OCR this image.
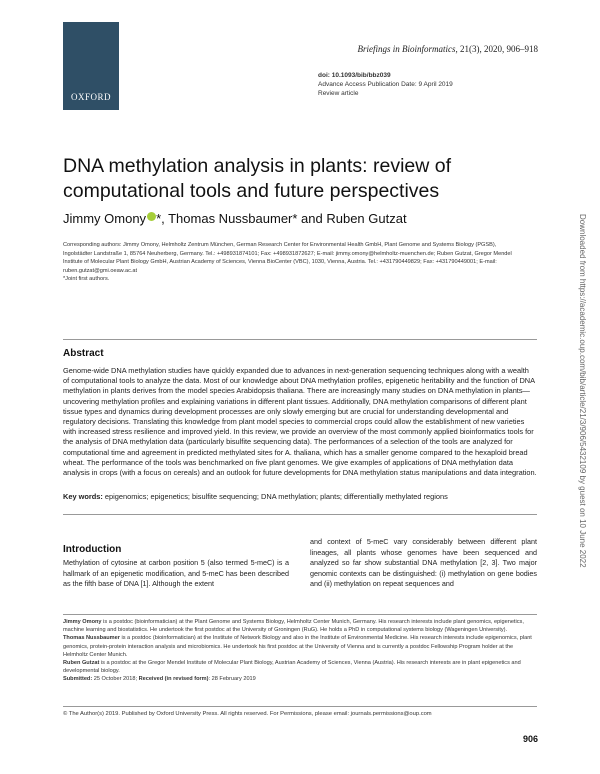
OXFORD
Briefings in Bioinformatics, 21(3), 2020, 906–918
doi: 10.1093/bib/bbz039
Advance Access Publication Date: 9 April 2019
Review article
DNA methylation analysis in plants: review of computational tools and future perspectives
Jimmy Omony *, Thomas Nussbaumer* and Ruben Gutzat
Corresponding authors: Jimmy Omony, Helmholtz Zentrum München, German Research Center for Environmental Health GmbH, Plant Genome and Systems Biology (PGSB), Ingolstädter Landstraße 1, 85764 Neuherberg, Germany. Tel.: +498931874101; Fax: +498931872627; E-mail: jimmy.omony@helmholtz-muenchen.de; Ruben Gutzat, Gregor Mendel Institute of Molecular Plant Biology GmbH, Austrian Academy of Sciences, Vienna BioCenter (VBC), 1030, Vienna, Austria. Tel.: +431790449829; Fax: +431790449001; E-mail: ruben.gutzat@gmi.oeaw.ac.at
*Joint first authors.
Abstract
Genome-wide DNA methylation studies have quickly expanded due to advances in next-generation sequencing techniques along with a wealth of computational tools to analyze the data. Most of our knowledge about DNA methylation profiles, epigenetic heritability and the function of DNA methylation in plants derives from the model species Arabidopsis thaliana. There are increasingly many studies on DNA methylation in plants—uncovering methylation profiles and explaining variations in different plant tissues. Additionally, DNA methylation comparisons of different plant tissue types and dynamics during development processes are only slowly emerging but are crucial for understanding developmental and regulatory decisions. Translating this knowledge from plant model species to commercial crops could allow the establishment of new varieties with increased stress resilience and improved yield. In this review, we provide an overview of the most commonly applied bioinformatics tools for the analysis of DNA methylation data (particularly bisulfite sequencing data). The performances of a selection of the tools are analyzed for computational time and agreement in predicted methylated sites for A. thaliana, which has a smaller genome compared to the hexaploid bread wheat. The performance of the tools was benchmarked on five plant genomes. We give examples of applications of DNA methylation data analysis in crops (with a focus on cereals) and an outlook for future developments for DNA methylation status manipulations and data integration.
Key words: epigenomics; epigenetics; bisulfite sequencing; DNA methylation; plants; differentially methylated regions
Introduction
Methylation of cytosine at carbon position 5 (also termed 5-meC) is a hallmark of an epigenetic modification, and 5-meC has been described as the fifth base of DNA [1]. Although the extent
and context of 5-meC vary considerably between different plant lineages, all plants whose genomes have been sequenced and analyzed so far show substantial DNA methylation [2, 3]. Two major genomic contexts can be distinguished: (i) methylation on gene bodies and (ii) methylation on repeat sequences and

Jimmy Omony is a postdoc (bioinformatician) at the Plant Genome and Systems Biology, Helmholtz Center Munich, Germany. His research interests include plant genomics, epigenetics, machine learning and biostatistics. He undertook the first postdoc at the University of Groningen (RuG). He holds a PhD in computational systems biology (Wageningen University).

Thomas Nussbaumer is a postdoc (bioinformatician) at the Institute of Network Biology and also in the Institute of Environmental Medicine. His research interests include epigenomics, plant genomics, protein-protein interaction analysis and microbiomics. He undertook his first postdoc at the University of Vienna and is currently a postdoc Fellowship Program holder at the Helmholtz Center Munich.

Ruben Gutzat is a postdoc at the Gregor Mendel Institute of Molecular Plant Biology, Austrian Academy of Sciences, Vienna (Austria). His research interests are in plant epigenetics and developmental biology.

Submitted: 25 October 2018; Received (in revised form): 28 February 2019

© The Author(s) 2019. Published by Oxford University Press. All rights reserved. For Permissions, please email: journals.permissions@oup.com
906
Downloaded from https://academic.oup.com/bib/article/21/3/906/5432109 by guest on 10 June 2022
